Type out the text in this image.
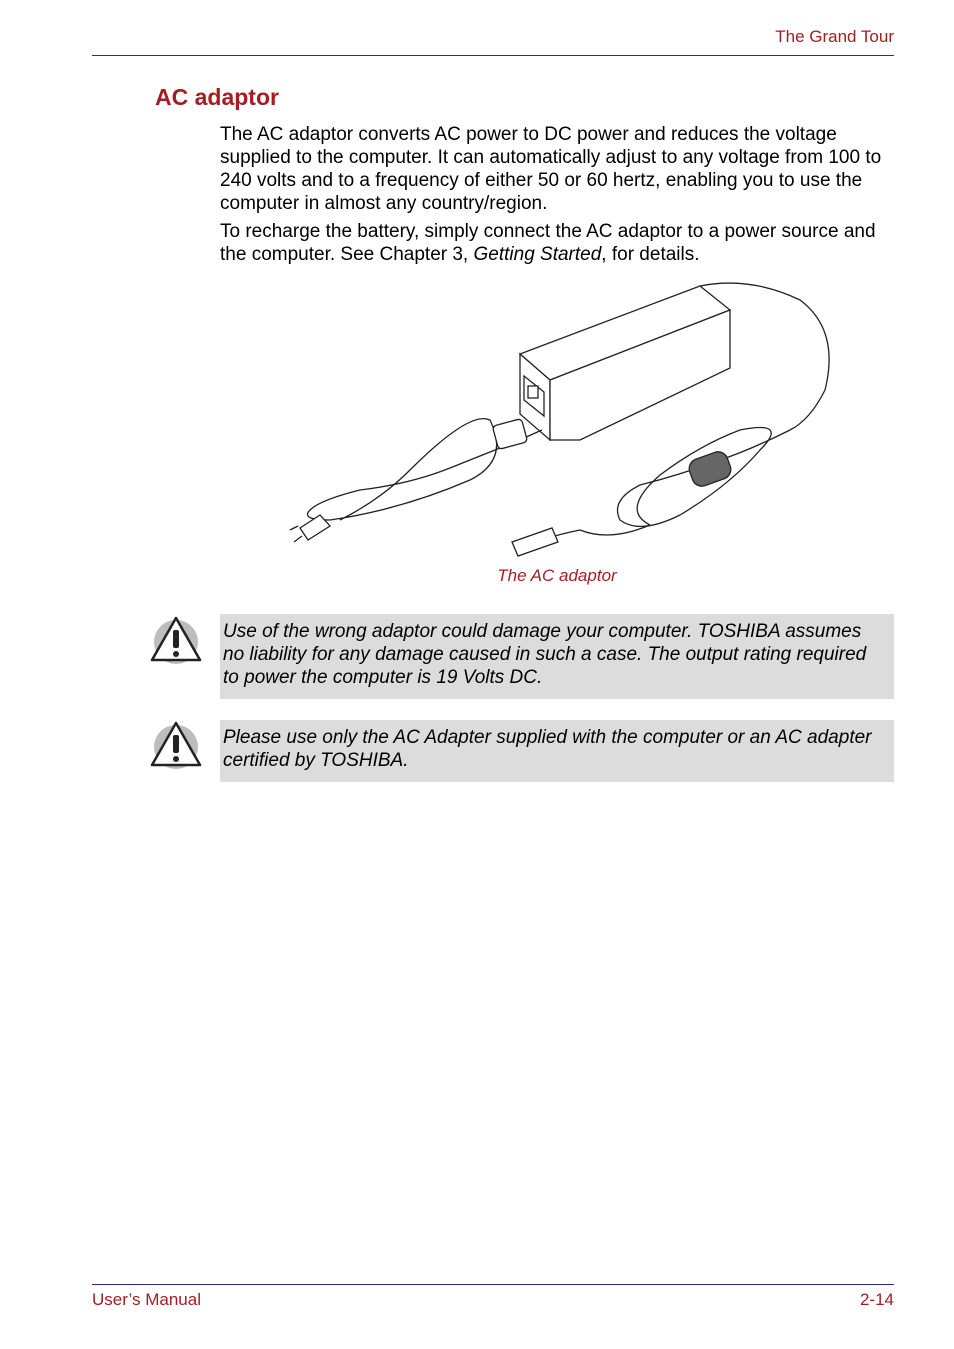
The Grand Tour
AC adaptor
The AC adaptor converts AC power to DC power and reduces the voltage supplied to the computer. It can automatically adjust to any voltage from 100 to 240 volts and to a frequency of either 50 or 60 hertz, enabling you to use the computer in almost any country/region.
To recharge the battery, simply connect the AC adaptor to a power source and the computer. See Chapter 3, Getting Started, for details.
The AC adaptor
Use of the wrong adaptor could damage your computer. TOSHIBA assumes no liability for any damage caused in such a case. The output rating required to power the computer is 19 Volts DC.
Please use only the AC Adapter supplied with the computer or an AC adapter certified by TOSHIBA.
User’s Manual	2-14
